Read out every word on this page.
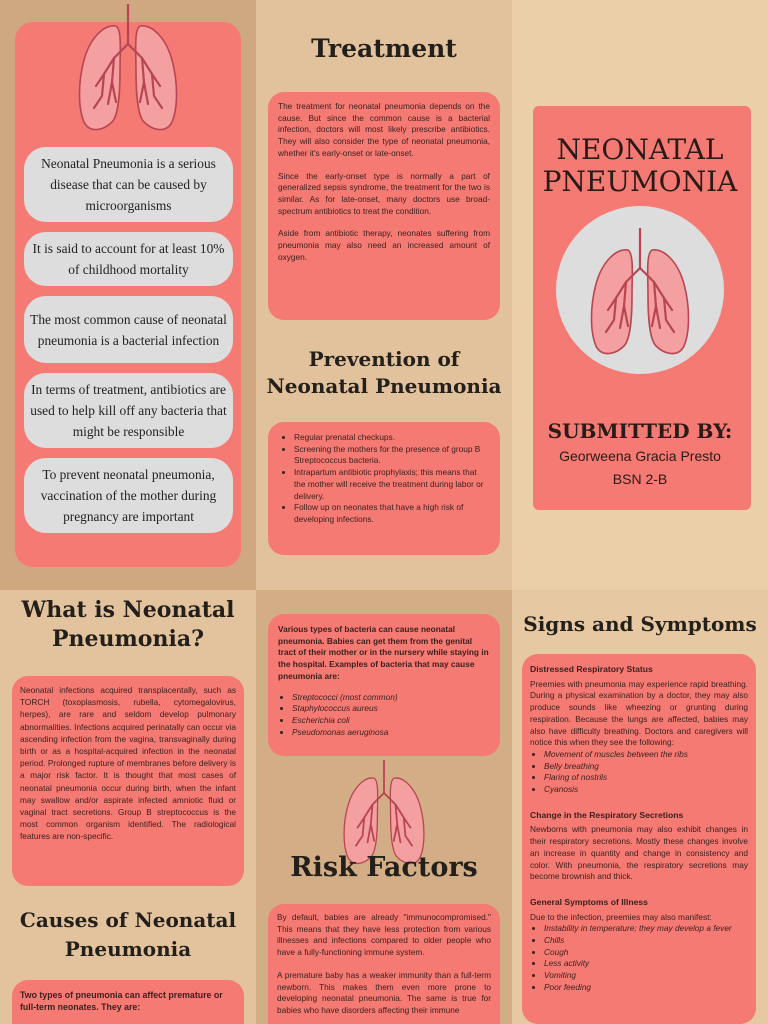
Neonatal Pneumonia is a serious disease that can be caused by microorganisms
It is said to account for at least 10% of childhood mortality
The most common cause of neonatal pneumonia is a bacterial infection
In terms of treatment, antibiotics are used to help kill off any bacteria that might be responsible
To prevent neonatal pneumonia, vaccination of the mother during pregnancy are important
Treatment

The treatment for neonatal pneumonia depends on the cause. But since the common cause is a bacterial infection, doctors will most likely prescribe antibiotics. They will also consider the type of neonatal pneumonia, whether it's early-onset or late-onset.

Since the early-onset type is normally a part of generalized sepsis syndrome, the treatment for the two is similar. As for late-onset, many doctors use broad-spectrum antibiotics to treat the condition.

Aside from antibiotic therapy, neonates suffering from pneumonia may also need an increased amount of oxygen.

Prevention of
Neonatal Pneumonia
• Regular prenatal checkups.
• Screening the mothers for the presence of group B Streptococcus bacteria.
• Intrapartum antibiotic prophylaxis; this means that the mother will receive the treatment during labor or delivery.
• Follow up on neonates that have a high risk of developing infections.
NEONATAL
PNEUMONIA
SUBMITTED BY:
Georweena Gracia Presto
BSN 2-B
What is Neonatal
Pneumonia?
Neonatal infections acquired transplacentally, such as TORCH (toxoplasmosis, rubella, cytomegalovirus, herpes), are rare and seldom develop pulmonary abnormalities. Infections acquired perinatally can occur via ascending infection from the vagina, transvaginally during birth or as a hospital-acquired infection in the neonatal period. Prolonged rupture of membranes before delivery is a major risk factor. It is thought that most cases of neonatal pneumonia occur during birth, when the infant may swallow and/or aspirate infected amniotic fluid or vaginal tract secretions. Group B streptococcus is the most common organism identified. The radiological features are non-specific.
Causes of Neonatal
Pneumonia
Two types of pneumonia can affect premature or full-term neonates. They are:
Various types of bacteria can cause neonatal pneumonia. Babies can get them from the genital tract of their mother or in the nursery while staying in the hospital. Examples of bacteria that may cause pneumonia are:
• Streptococci (most common)
• Staphylococcus aureus
• Escherichia coli
• Pseudomonas aeruginosa
Risk Factors

By default, babies are already "immunocompromised." This means that they have less protection from various illnesses and infections compared to older people who have a fully-functioning immune system.

A premature baby has a weaker immunity than a full-term newborn. This makes them even more prone to developing neonatal pneumonia. The same is true for babies who have disorders affecting their immune

Signs and Symptoms
Distressed Respiratory Status
Preemies with pneumonia may experience rapid breathing. During a physical examination by a doctor, they may also produce sounds like wheezing or grunting during respiration. Because the lungs are affected, babies may also have difficulty breathing. Doctors and caregivers will notice this when they see the following:
• Movement of muscles between the ribs
• Belly breathing
• Flaring of nostrils
• Cyanosis
Change in the Respiratory Secretions
Newborns with pneumonia may also exhibit changes in their respiratory secretions. Mostly these changes involve an increase in quantity and change in consistency and color. With pneumonia, the respiratory secretions may become brownish and thick.
General Symptoms of Illness
Due to the infection, preemies may also manifest:
• Instability in temperature; they may develop a fever
• Chills
• Cough
• Less activity
• Vomiting
• Poor feeding
